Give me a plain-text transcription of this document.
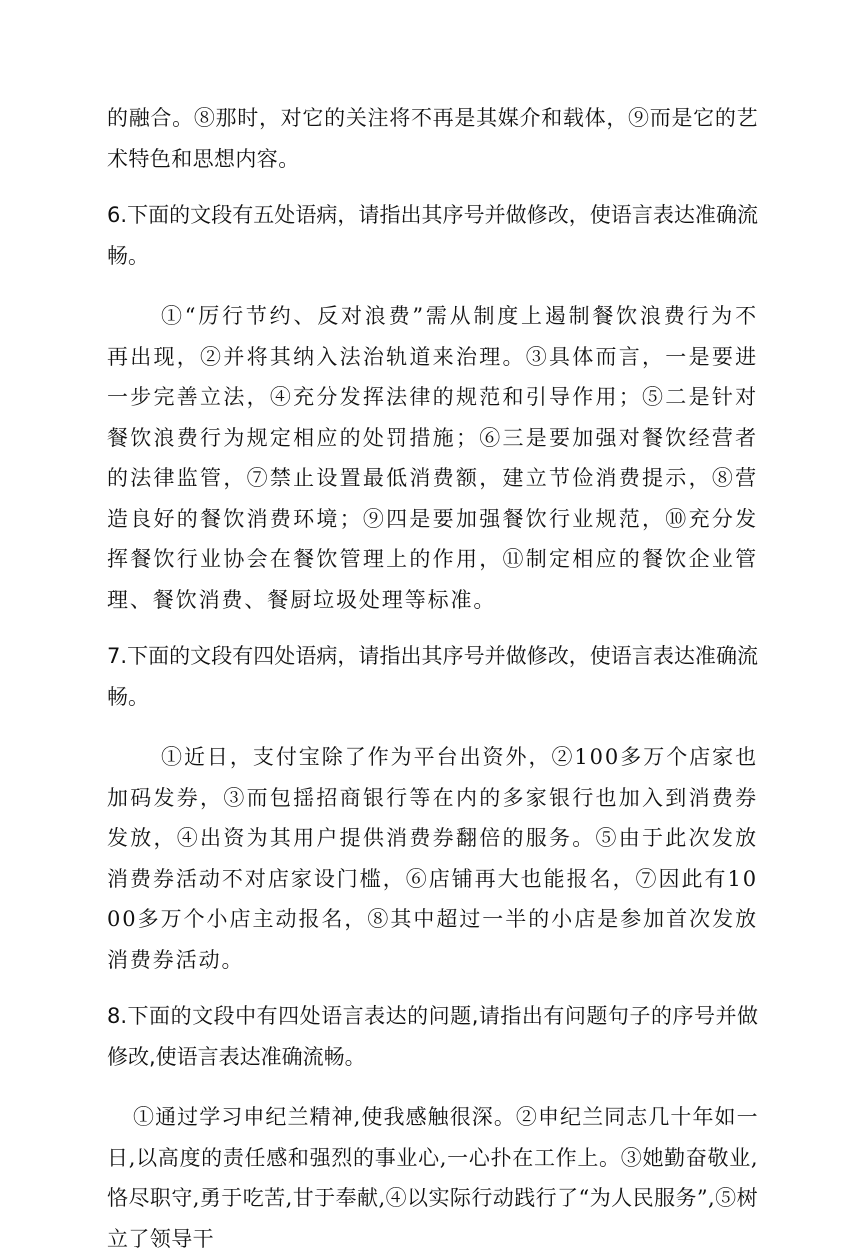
的融合。⑧那时，对它的关注将不再是其媒介和载体，⑨而是它的艺术特色和思想内容。

6.下面的文段有五处语病，请指出其序号并做修改，使语言表达准确流畅。

①“厉行节约、反对浪费”需从制度上遏制餐饮浪费行为不再出现，②并将其纳入法治轨道来治理。③具体而言，一是要进一步完善立法，④充分发挥法律的规范和引导作用；⑤二是针对餐饮浪费行为规定相应的处罚措施；⑥三是要加强对餐饮经营者的法律监管，⑦禁止设置最低消费额，建立节俭消费提示，⑧营造良好的餐饮消费环境；⑨四是要加强餐饮行业规范，⑩充分发挥餐饮行业协会在餐饮管理上的作用，⑪制定相应的餐饮企业管理、餐饮消费、餐厨垃圾处理等标准。

7.下面的文段有四处语病，请指出其序号并做修改，使语言表达准确流畅。

①近日，支付宝除了作为平台出资外，②100多万个店家也加码发券，③而包揺招商银行等在内的多家银行也加入到消费券发放，④出资为其用户提供消费券翻倍的服务。⑤由于此次发放消费券活动不对店家设门槛，⑥店铺再大也能报名，⑦因此有1000多万个小店主动报名，⑧其中超过一半的小店是参加首次发放消费券活动。

8.下面的文段中有四处语言表达的问题,请指出有问题句子的序号并做修改,使语言表达准确流畅。

①通过学习申纪兰精神,使我感触很深。②申纪兰同志几十年如一日,以高度的责任感和强烈的事业心,一心扑在工作上。③她勤奋敬业,恪尽职守,勇于吃苦,甘于奉献,④以实际行动践行了“为人民服务”,⑤树立了领导干
